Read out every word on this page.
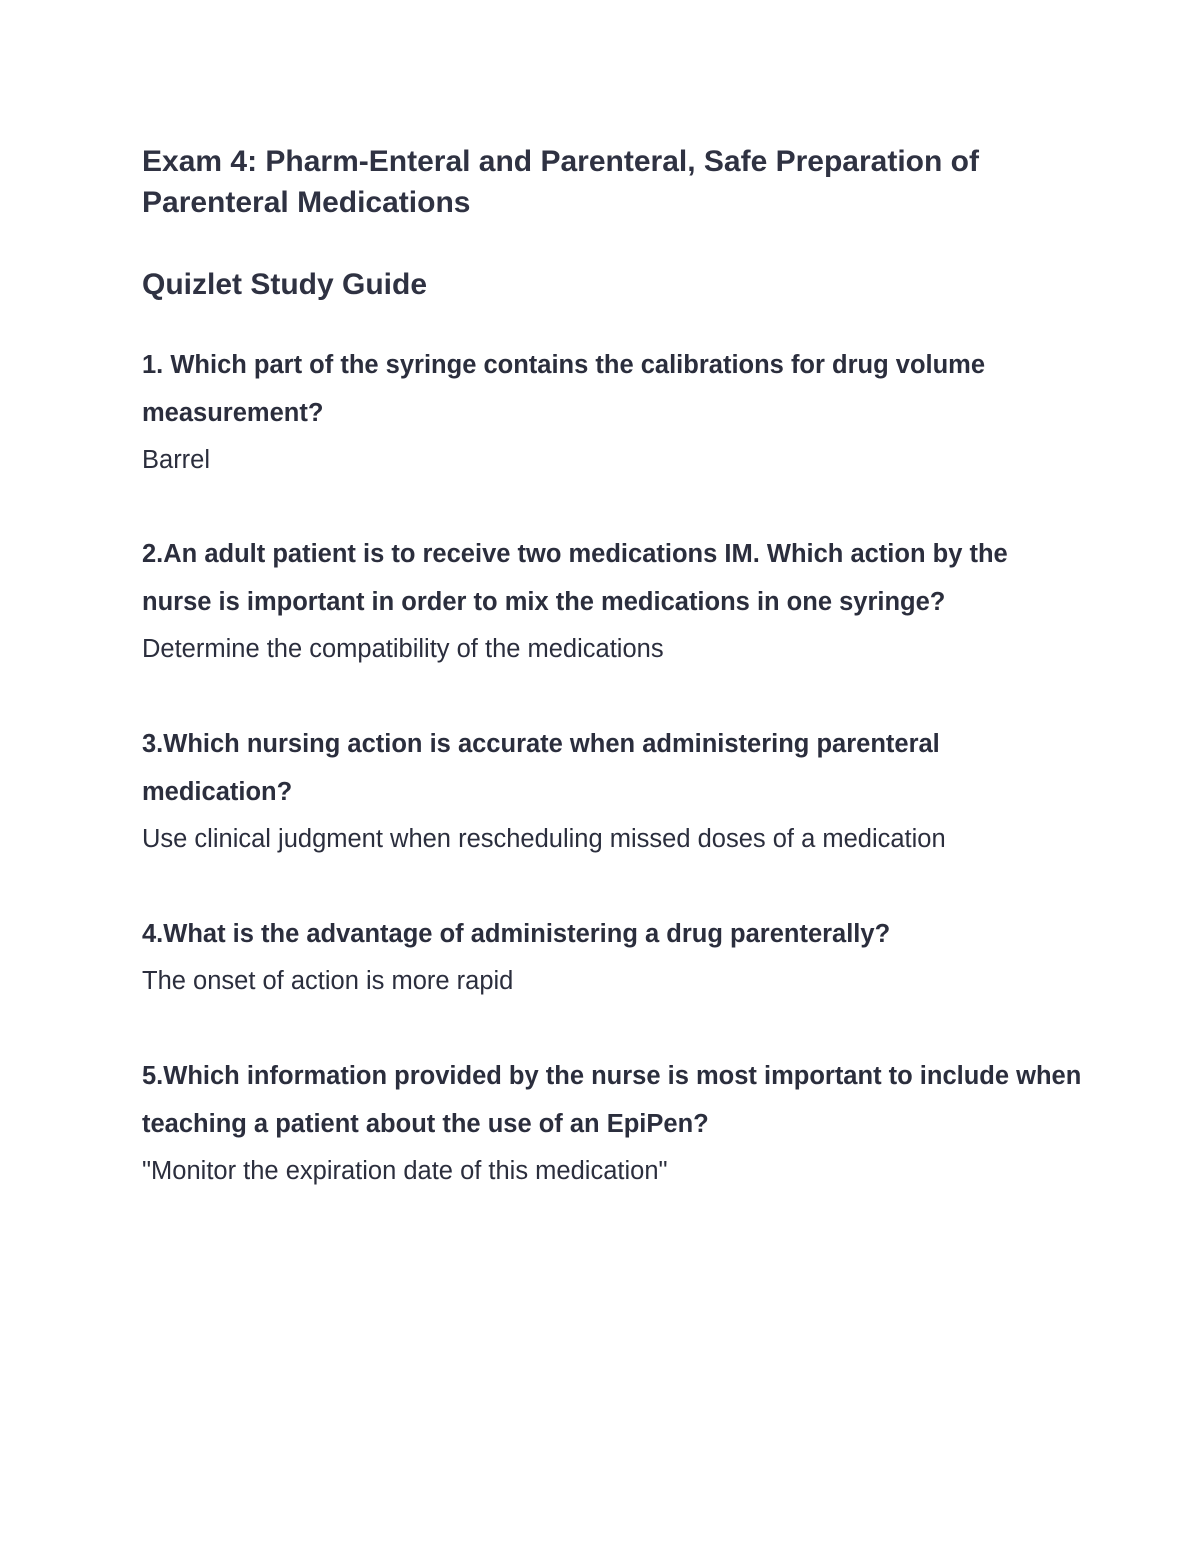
Exam 4: Pharm-Enteral and Parenteral, Safe Preparation of Parenteral Medications
Quizlet Study Guide

1. Which part of the syringe contains the calibrations for drug volume measurement?

Barrel

2.An adult patient is to receive two medications IM. Which action by the nurse is important in order to mix the medications in one syringe?

Determine the compatibility of the medications

3.Which nursing action is accurate when administering parenteral medication?

Use clinical judgment when rescheduling missed doses of a medication

4.What is the advantage of administering a drug parenterally?

The onset of action is more rapid

5.Which information provided by the nurse is most important to include when teaching a patient about the use of an EpiPen?

"Monitor the expiration date of this medication"
